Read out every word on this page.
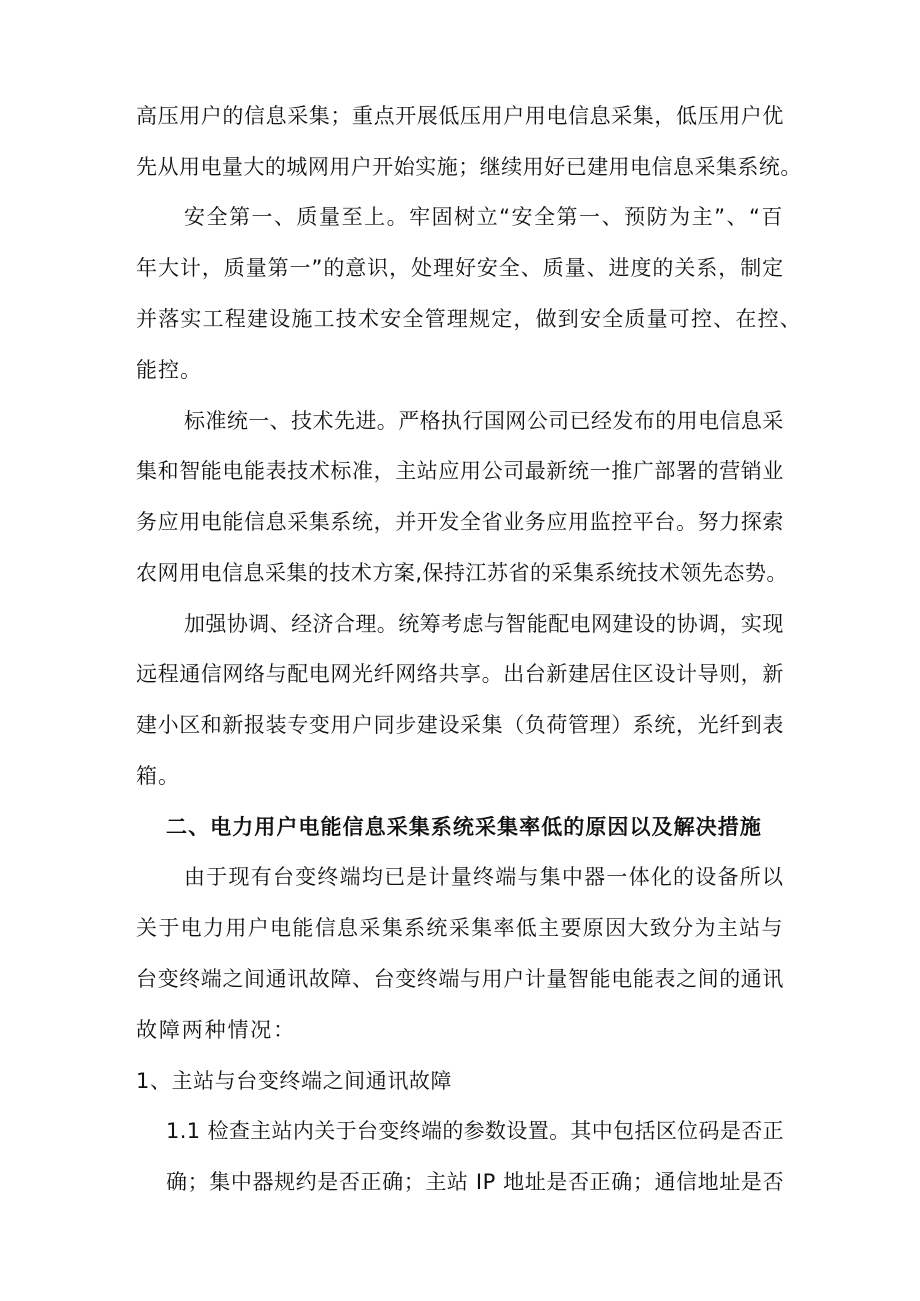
高压用户的信息采集；重点开展低压用户用电信息采集，低压用户优
先从用电量大的城网用户开始实施；继续用好已建用电信息采集系统。
安全第一、质量至上。牢固树立“安全第一、预防为主”、“百
年大计，质量第一”的意识，处理好安全、质量、进度的关系，制定
并落实工程建设施工技术安全管理规定，做到安全质量可控、在控、
能控。
标准统一、技术先进。严格执行国网公司已经发布的用电信息采
集和智能电能表技术标准，主站应用公司最新统一推广部署的营销业
务应用电能信息采集系统，并开发全省业务应用监控平台。努力探索
农网用电信息采集的技术方案,保持江苏省的采集系统技术领先态势。
加强协调、经济合理。统筹考虑与智能配电网建设的协调，实现
远程通信网络与配电网光纤网络共享。出台新建居住区设计导则，新
建小区和新报装专变用户同步建设采集（负荷管理）系统，光纤到表
箱。
二、电力用户电能信息采集系统采集率低的原因以及解决措施
由于现有台变终端均已是计量终端与集中器一体化的设备所以
关于电力用户电能信息采集系统采集率低主要原因大致分为主站与
台变终端之间通讯故障、台变终端与用户计量智能电能表之间的通讯
故障两种情况：
1、主站与台变终端之间通讯故障
1.1 检查主站内关于台变终端的参数设置。其中包括区位码是否正
确；集中器规约是否正确；主站 IP 地址是否正确；通信地址是否
